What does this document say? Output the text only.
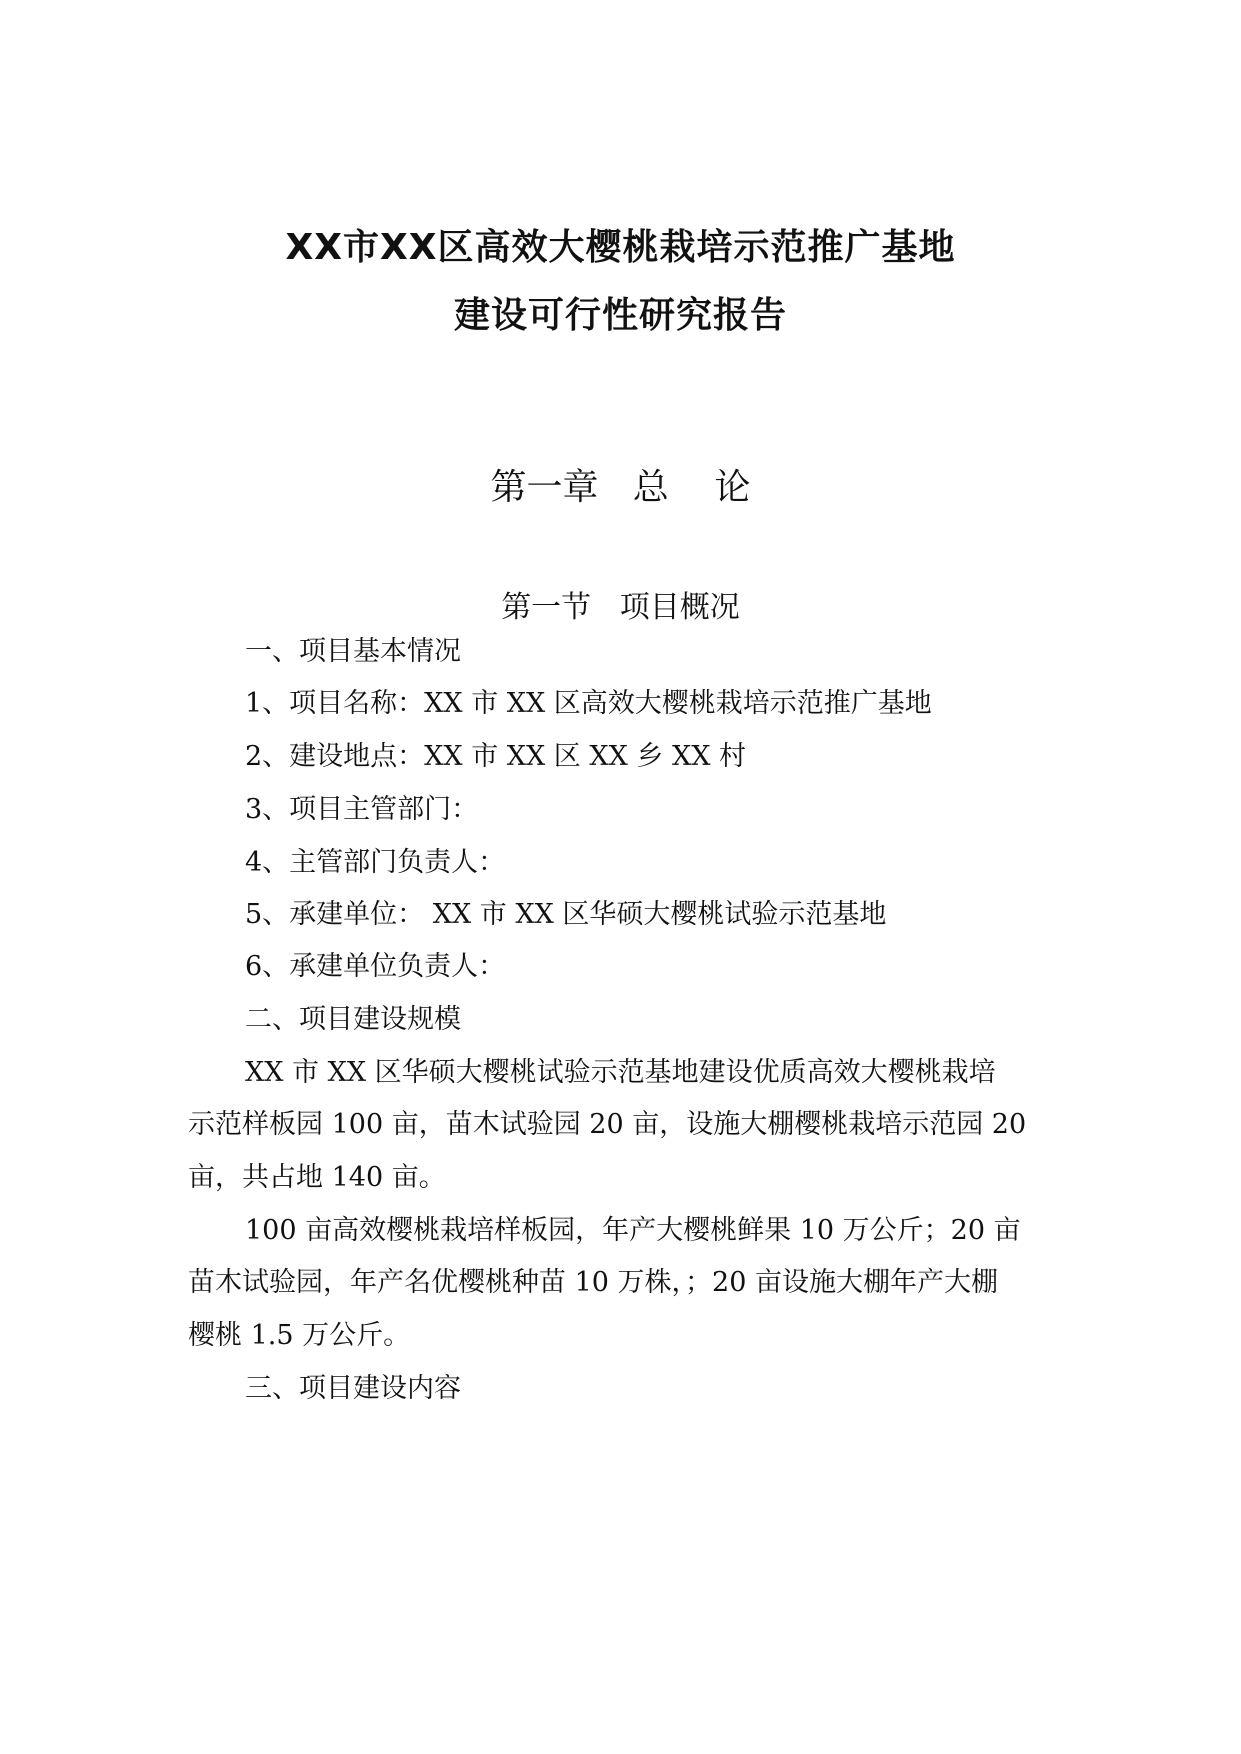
XX市XX区高效大樱桃栽培示范推广基地
建设可行性研究报告
第一章   总    论
第一节   项目概况
一、项目基本情况
1、项目名称：XX 市 XX 区高效大樱桃栽培示范推广基地
2、建设地点：XX 市 XX 区 XX 乡 XX 村
3、项目主管部门：
4、主管部门负责人：
5、承建单位： XX 市 XX 区华硕大樱桃试验示范基地
6、承建单位负责人：
二、项目建设规模
XX 市 XX 区华硕大樱桃试验示范基地建设优质高效大樱桃栽培
示范样板园 100 亩，苗木试验园 20 亩，设施大棚樱桃栽培示范园 20
亩，共占地 140 亩。
100 亩高效樱桃栽培样板园，年产大樱桃鲜果 10 万公斤；20 亩
苗木试验园，年产名优樱桃种苗 10 万株，；20 亩设施大棚年产大棚
樱桃 1.5 万公斤。
三、项目建设内容
